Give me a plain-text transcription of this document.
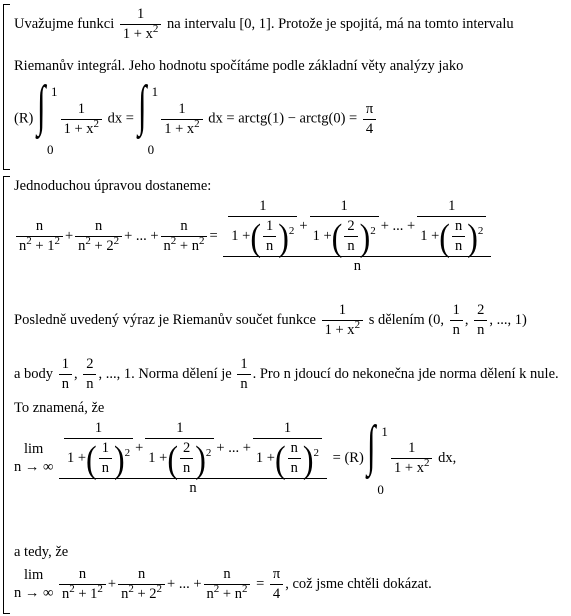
Uvažujme funkci $\frac{1}{1 + x^2}$ na intervalu [0, 1]. Protože je spojitá, má na tomto intervalu
Riemanův integrál. Jeho hodnotu spočítáme podle základní věty analýzy jako
(R) ∫ 1
0

$\frac{1}{1 + x^2}$ dx = ∫ 1
0

$\frac{1}{1 + x^2}$ dx = arctg(1) − arctg(0) = $\frac{\pi}{4}$
Jednoduchou úpravou dostaneme:
$\frac{n}{n^2 + 1^2} + \frac{n}{n^2 + 2^2}$ + ... + $\frac{n}{n^2 + n^2} = \frac{\frac{1}{1 +( \frac{1}{n} )^2} + \frac{1}{1 +( \frac{2}{n} )^2} + ... + \frac{1}{1 +( \frac{n}{n} )^2}}{n}$
Posledně uvedený výraz je Riemanův součet funkce $\frac{1}{1 + x^2}$ s dělením (0, $\frac{1}{n}$ , $\frac{2}{n}$ , ..., 1)
a body $\frac{1}{n}$ , $\frac{2}{n}$ , ..., 1. Norma dělení je $\frac{1}{n}$ . Pro n jdoucí do nekonečna jde norma dělení k nule.
To znamená, že
lim
n → ∞
$\frac{\frac{1}{1 +( \frac{1}{n} )^2} + \frac{1}{1 +( \frac{2}{n} )^2} + ... + \frac{1}{1 +( \frac{n}{n} )^2}}{n} = (R)$ ∫ 1
0

$\frac{1}{1 + x^2}$ dx,
a tedy, že
lim
n → ∞
$\frac{n}{n^2 + 1^2} + \frac{n}{n^2 + 2^2}$ + ... + $\frac{n}{n^2 + n^2} = \frac{\pi}{4}$ , což jsme chtěli dokázat.
